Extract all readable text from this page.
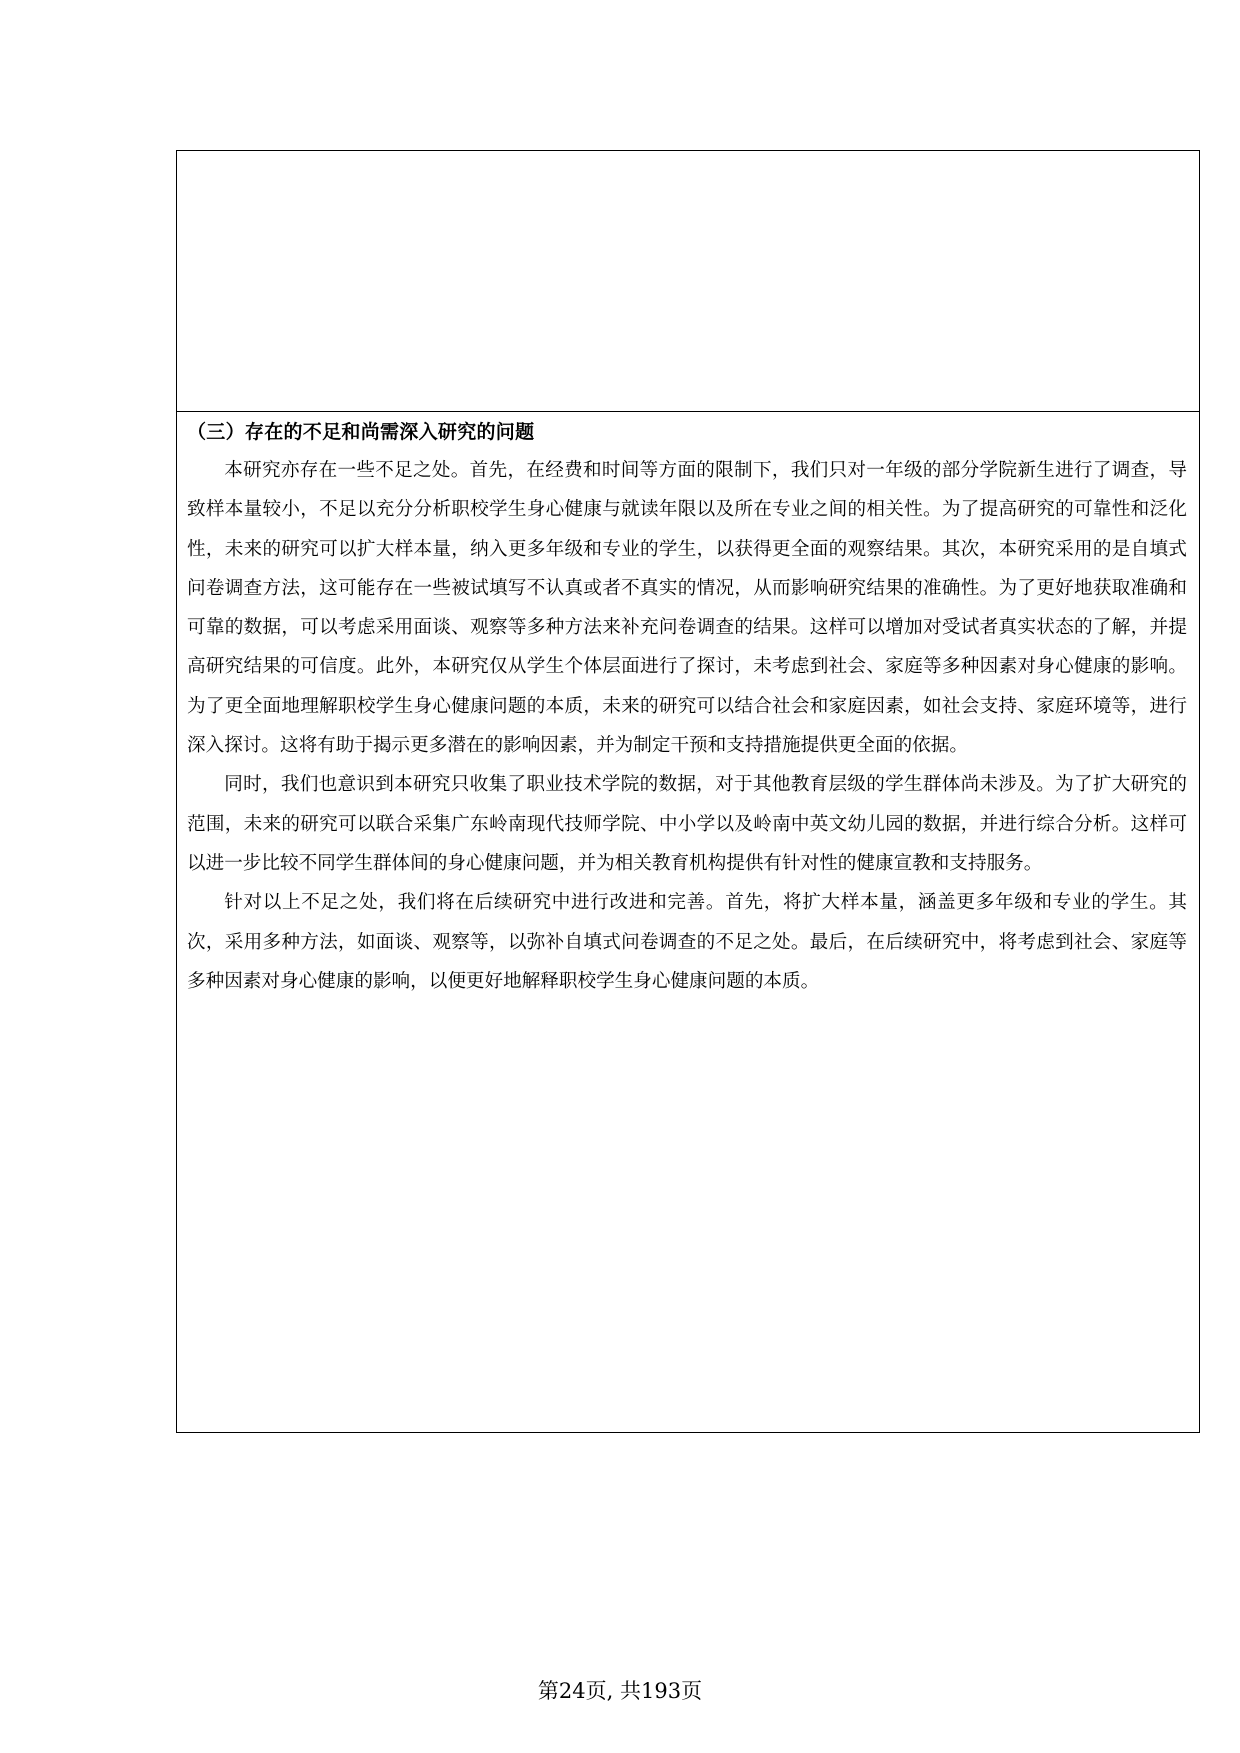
（三）存在的不足和尚需深入研究的问题

本研究亦存在一些不足之处。首先，在经费和时间等方面的限制下，我们只对一年级的部分学院新生进行了调查，导致样本量较小，不足以充分分析职校学生身心健康与就读年限以及所在专业之间的相关性。为了提高研究的可靠性和泛化性，未来的研究可以扩大样本量，纳入更多年级和专业的学生，以获得更全面的观察结果。其次，本研究采用的是自填式问卷调查方法，这可能存在一些被试填写不认真或者不真实的情况，从而影响研究结果的准确性。为了更好地获取准确和可靠的数据，可以考虑采用面谈、观察等多种方法来补充问卷调查的结果。这样可以增加对受试者真实状态的了解，并提高研究结果的可信度。此外，本研究仅从学生个体层面进行了探讨，未考虑到社会、家庭等多种因素对身心健康的影响。为了更全面地理解职校学生身心健康问题的本质，未来的研究可以结合社会和家庭因素，如社会支持、家庭环境等，进行深入探讨。这将有助于揭示更多潜在的影响因素，并为制定干预和支持措施提供更全面的依据。

同时，我们也意识到本研究只收集了职业技术学院的数据，对于其他教育层级的学生群体尚未涉及。为了扩大研究的范围，未来的研究可以联合采集广东岭南现代技师学院、中小学以及岭南中英文幼儿园的数据，并进行综合分析。这样可以进一步比较不同学生群体间的身心健康问题，并为相关教育机构提供有针对性的健康宣教和支持服务。

针对以上不足之处，我们将在后续研究中进行改进和完善。首先，将扩大样本量，涵盖更多年级和专业的学生。其次，采用多种方法，如面谈、观察等，以弥补自填式问卷调查的不足之处。最后，在后续研究中，将考虑到社会、家庭等多种因素对身心健康的影响，以便更好地解释职校学生身心健康问题的本质。

第24页, 共193页
